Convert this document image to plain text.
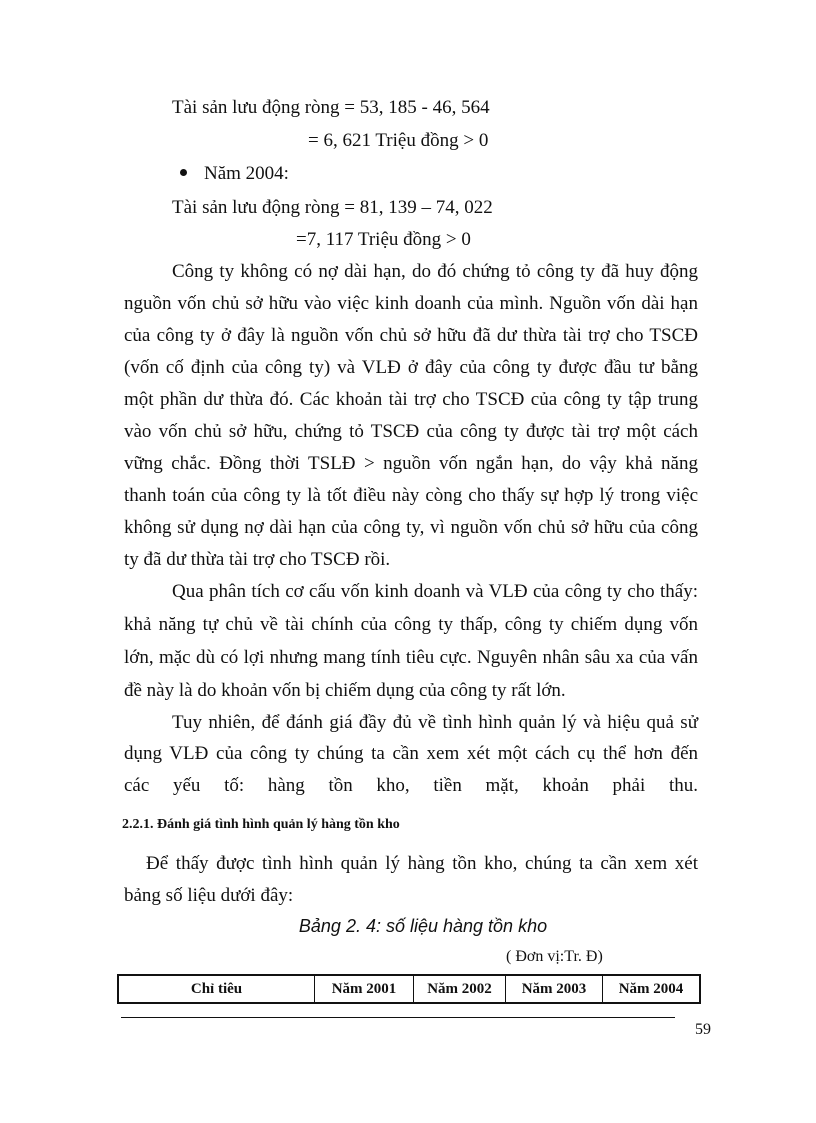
Tài sản lưu động ròng = 53, 185 - 46, 564
= 6, 621 Triệu đồng > 0
Năm 2004:
Tài sản lưu động ròng = 81, 139 – 74, 022
=7, 117 Triệu đồng > 0
Công ty không có nợ dài hạn, do đó chứng tỏ công ty đã huy động
nguồn vốn chủ sở hữu vào việc kinh doanh của mình. Nguồn vốn dài hạn
của công ty ở đây là nguồn vốn chủ sở hữu đã dư thừa tài trợ cho TSCĐ
(vốn cố định của công ty) và VLĐ ở đây của công ty được đầu tư bằng
một phần dư thừa đó. Các khoản tài trợ cho TSCĐ của công ty tập trung
vào vốn chủ sở hữu, chứng tỏ TSCĐ của công ty được tài trợ một cách
vững chắc. Đồng thời TSLĐ > nguồn vốn ngắn hạn, do vậy khả năng
thanh toán của công ty là tốt điều này còng cho thấy sự hợp lý trong việc
không sử dụng nợ dài hạn của công ty, vì nguồn vốn chủ sở hữu của công
ty đã dư thừa tài trợ cho TSCĐ rồi.
Qua phân tích cơ cấu vốn kinh doanh và VLĐ của công ty cho thấy:
khả năng tự chủ về tài chính của công ty thấp, công ty chiếm dụng vốn
lớn, mặc dù có lợi nhưng mang tính tiêu cực. Nguyên nhân sâu xa của vấn
đề này là do khoản vốn bị chiếm dụng của công ty rất lớn.
Tuy nhiên, để đánh giá đầy đủ về tình hình quản lý và hiệu quả sử
dụng VLĐ của công ty chúng ta cần xem xét một cách cụ thể hơn đến
các yếu tố: hàng tồn kho, tiền mặt, khoản phải thu.
2.2.1. Đánh giá tình hình quản lý hàng tồn kho
Để thấy được tình hình quản lý hàng tồn kho, chúng ta cần xem xét
bảng số liệu dưới đây:
Bảng 2. 4: số liệu hàng tồn kho
( Đơn vị:Tr. Đ)
Chỉ tiêu	Năm 2001	Năm 2002	Năm 2003	Năm 2004
59
